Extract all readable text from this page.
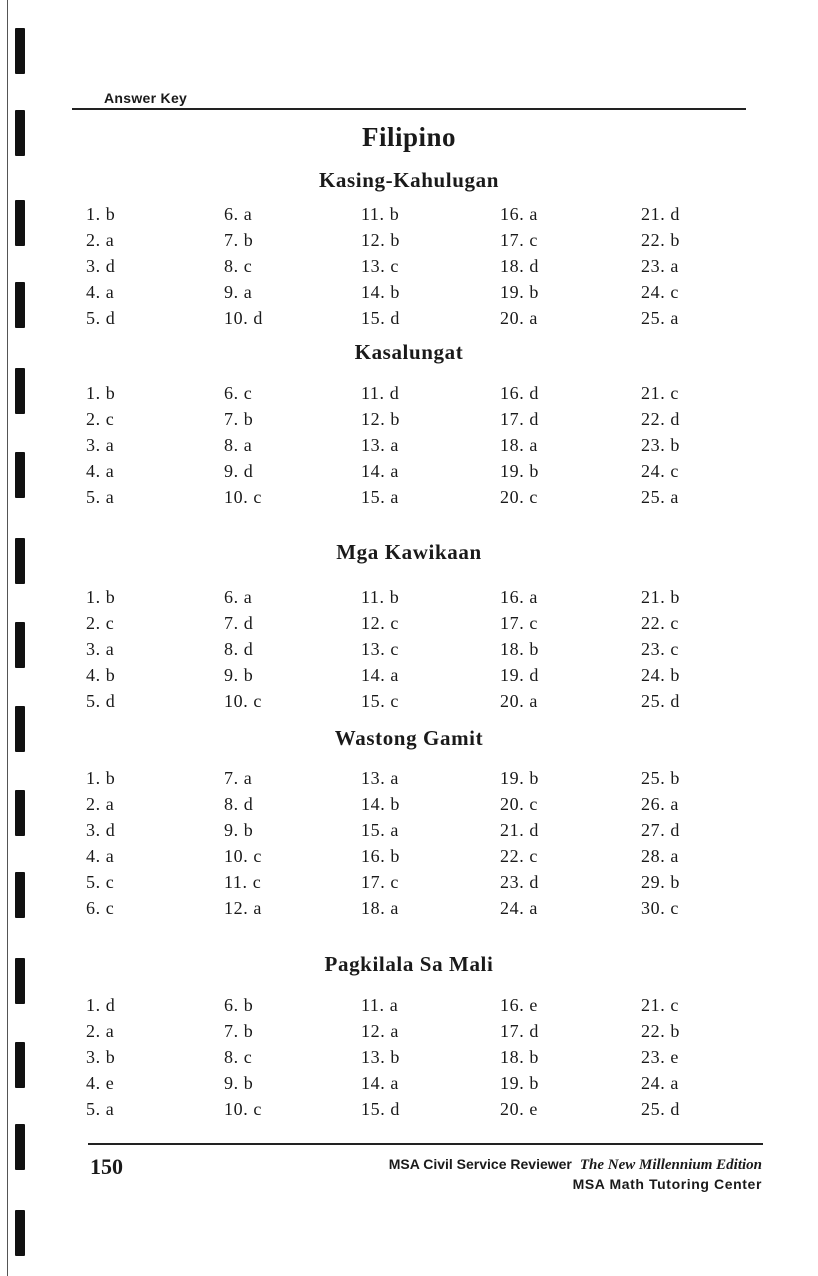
Answer Key
Filipino
Kasing-Kahulugan
1. b
2. a
3. d
4. a
5. d
6. a
7. b
8. c
9. a
10. d
11. b
12. b
13. c
14. b
15. d
16. a
17. c
18. d
19. b
20. a
21. d
22. b
23. a
24. c
25. a
Kasalungat
1. b
2. c
3. a
4. a
5. a
6. c
7. b
8. a
9. d
10. c
11. d
12. b
13. a
14. a
15. a
16. d
17. d
18. a
19. b
20. c
21. c
22. d
23. b
24. c
25. a
Mga Kawikaan
1. b
2. c
3. a
4. b
5. d
6. a
7. d
8. d
9. b
10. c
11. b
12. c
13. c
14. a
15. c
16. a
17. c
18. b
19. d
20. a
21. b
22. c
23. c
24. b
25. d
Wastong Gamit
1. b
2. a
3. d
4. a
5. c
6. c
7. a
8. d
9. b
10. c
11. c
12. a
13. a
14. b
15. a
16. b
17. c
18. a
19. b
20. c
21. d
22. c
23. d
24. a
25. b
26. a
27. d
28. a
29. b
30. c
Pagkilala Sa Mali
1. d
2. a
3. b
4. e
5. a
6. b
7. b
8. c
9. b
10. c
11. a
12. a
13. b
14. a
15. d
16. e
17. d
18. b
19. b
20. e
21. c
22. b
23. e
24. a
25. d
150	MSA Civil Service Reviewer The New Millennium Edition
MSA Math Tutoring Center
